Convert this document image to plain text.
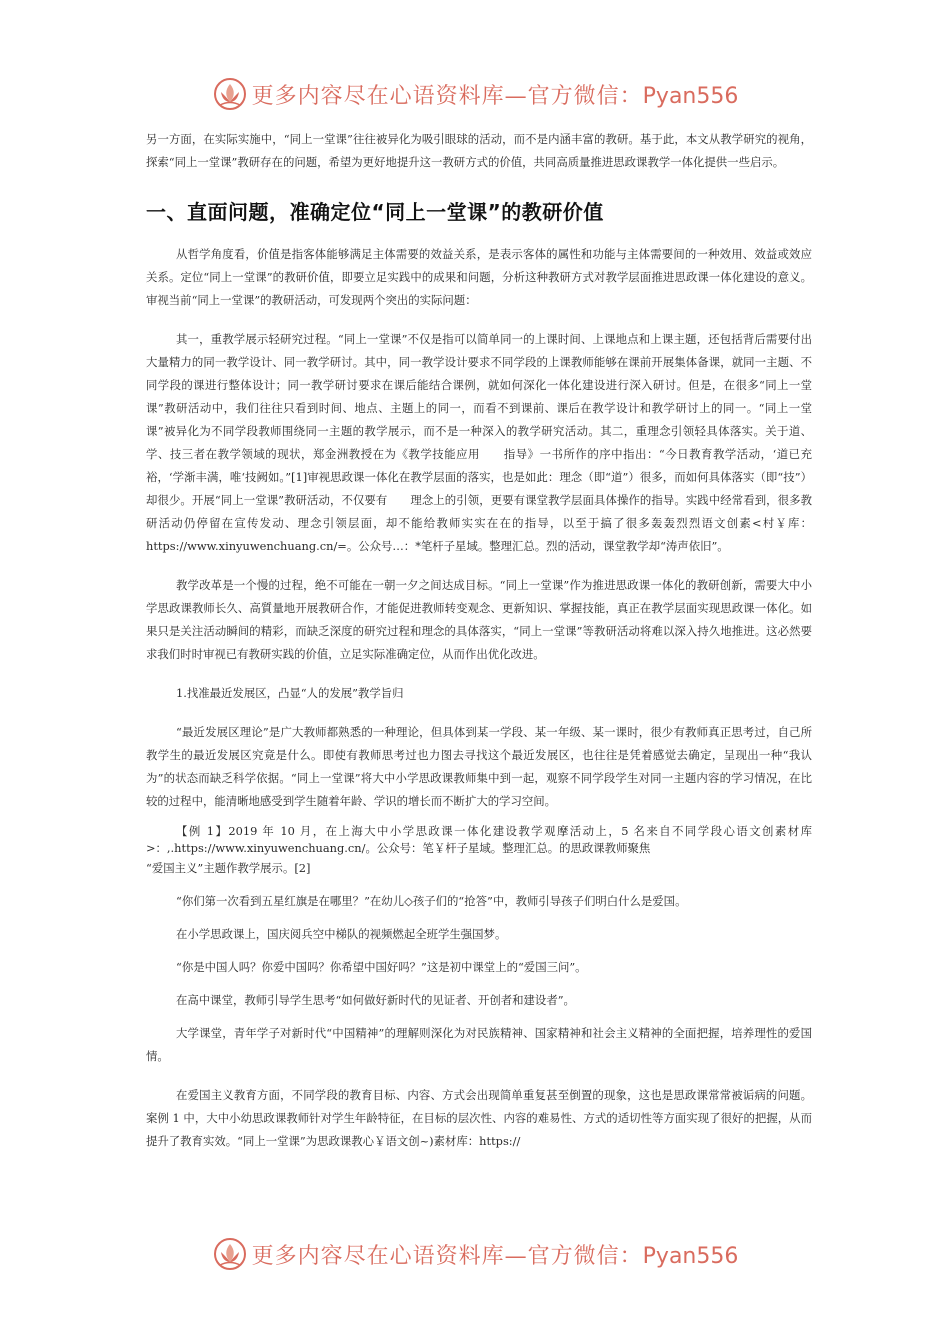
更多内容尽在心语资料库—官方微信：Pyan556

另一方面，在实际实施中，“同上一堂课”往往被异化为吸引眼球的活动，而不是内涵丰富的教研。基于此，本文从教学研究的视角，探索“同上一堂课”教研存在的问题，希望为更好地提升这一教研方式的价值，共同高质量推进思政课教学一体化提供一些启示。

一、直面问题，准确定位“同上一堂课”的教研价值

从哲学角度看，价值是指客体能够满足主体需要的效益关系，是表示客体的属性和功能与主体需要间的一种效用、效益或效应关系。定位“同上一堂课”的教研价值，即要立足实践中的成果和问题，分析这种教研方式对教学层面推进思政课一体化建设的意义。审视当前“同上一堂课”的教研活动，可发现两个突出的实际问题：

其一，重教学展示轻研究过程。“同上一堂课”不仅是指可以简单同一的上课时间、上课地点和上课主题，还包括背后需要付出大量精力的同一教学设计、同一教学研讨。其中，同一教学设计要求不同学段的上课教师能够在课前开展集体备课，就同一主题、不同学段的课进行整体设计；同一教学研讨要求在课后能结合课例，就如何深化一体化建设进行深入研讨。但是，在很多“同上一堂课”教研活动中，我们往往只看到时间、地点、主题上的同一，而看不到课前、课后在教学设计和教学研讨上的同一。“同上一堂课”被异化为不同学段教师围绕同一主题的教学展示，而不是一种深入的教学研究活动。其二，重理念引领轻具体落实。关于道、学、技三者在教学领域的现状，郑金洲教授在为《教学技能应用　　指导》一书所作的序中指出：“今日教育教学活动，‘道已充裕，‘学渐丰满，唯‘技阙如。”[1]审视思政课一体化在教学层面的落实，也是如此：理念（即“道”）很多，而如何具体落实（即“技”）却很少。开展“同上一堂课”教研活动，不仅要有　　理念上的引领，更要有课堂教学层面具体操作的指导。实践中经常看到，很多教研活动仍停留在宣传发动、理念引领层面，却不能给教师实实在在的指导，以至于搞了很多轰轰烈烈语文创素<村￥库：https://www.xinyuwenchuang.cn/=。公众号…：*笔杆子星域。整理汇总。烈的活动，课堂教学却“涛声依旧”。

教学改革是一个慢的过程，绝不可能在一朝一夕之间达成目标。“同上一堂课”作为推进思政课一体化的教研创新，需要大中小学思政课教师长久、高質量地开展教研合作，才能促进教师转变观念、更新知识、掌握技能，真正在教学层面实现思政课一体化。如果只是关注活动瞬间的精彩，而缺乏深度的研究过程和理念的具体落实，“同上一堂课”等教研活动将难以深入持久地推进。这必然要求我们时时审视已有教研实践的价值，立足实际准确定位，从而作出优化改进。

1.找准最近发展区，凸显“人的发展”教学旨归

“最近发展区理论”是广大教师都熟悉的一种理论，但具体到某一学段、某一年级、某一课时，很少有教师真正思考过，自己所教学生的最近发展区究竟是什么。即使有教师思考过也力图去寻找这个最近发展区，也往往是凭着感觉去确定，呈现出一种“我认为”的状态而缺乏科学依据。“同上一堂课”将大中小学思政课教师集中到一起，观察不同学段学生对同一主题内容的学习情况，在比较的过程中，能清晰地感受到学生随着年龄、学识的增长而不断扩大的学习空间。

【例 1】2019 年 10 月，在上海大中小学思政课一体化建设教学观摩活动上，5 名来自不同学段心语文创素材库>：,.https://www.xinyuwenchuang.cn/。公众号：笔￥杆子星域。整理汇总。的思政课教师聚焦

“爱国主义”主题作教学展示。[2]

“你们第一次看到五星红旗是在哪里？”在幼儿◇孩子们的“抢答”中，教师引导孩子们明白什么是爱国。

在小学思政课上，国庆阅兵空中梯队的视频燃起全班学生强国梦。

“你是中国人吗？你爱中国吗？你希望中国好吗？”这是初中课堂上的“爱国三问”。

在高中课堂，教师引导学生思考“如何做好新时代的见证者、开创者和建设者”。

大学课堂，青年学子对新时代“中国精神”的理解则深化为对民族精神、国家精神和社会主义精神的全面把握，培养理性的爱国情。

在爱国主义教育方面，不同学段的教育目标、内容、方式会出现简单重复甚至倒置的现象，这也是思政课常常被诟病的问题。案例 1 中，大中小幼思政课教师针对学生年龄特征，在目标的层次性、内容的难易性、方式的适切性等方面实现了很好的把握，从而提升了教育实效。“同上一堂课”为思政课教心￥语文创~)素材库：https://

更多内容尽在心语资料库—官方微信：Pyan556
